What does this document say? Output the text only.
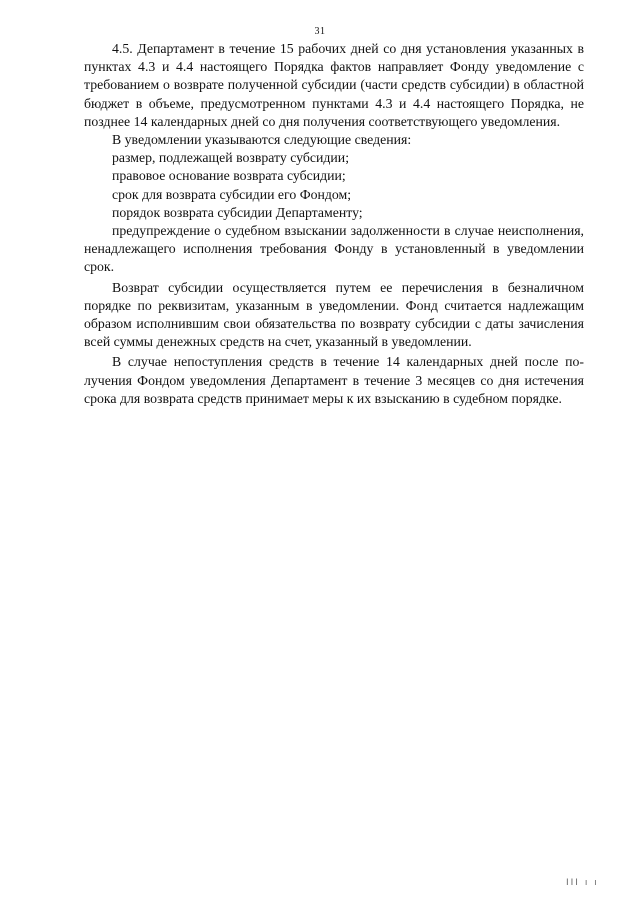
31

4.5. Департамент в течение 15 рабочих дней со дня установления указанных в пунктах 4.3 и 4.4 настоящего Порядка фактов направляет Фонду уведомление с требованием о возврате полученной субсидии (части средств субсидии) в областной бюджет в объеме, предусмотренном пунктами 4.3 и 4.4 настоящего Порядка, не позднее 14 календарных дней со дня получения соответствующего уведомления.

В уведомлении указываются следующие сведения:

размер, подлежащей возврату субсидии;

правовое основание возврата субсидии;

срок для возврата субсидии его Фондом;

порядок возврата субсидии Департаменту;

предупреждение о судебном взыскании задолженности в случае неисполнения, ненадлежащего исполнения требования Фонду в установленный в уведомлении срок.

Возврат субсидии осуществляется путем ее перечисления в безналичном порядке по реквизитам, указанным в уведомлении. Фонд считается надлежащим образом исполнившим свои обязательства по возврату субсидии с даты зачисления всей суммы денежных средств на счет, указанный в уведомлении.

В случае непоступления средств в течение 14 календарных дней после получения Фондом уведомления Департамент в течение 3 месяцев со дня истечения срока для возврата средств принимает меры к их взысканию в судебном порядке.

III ı ı
